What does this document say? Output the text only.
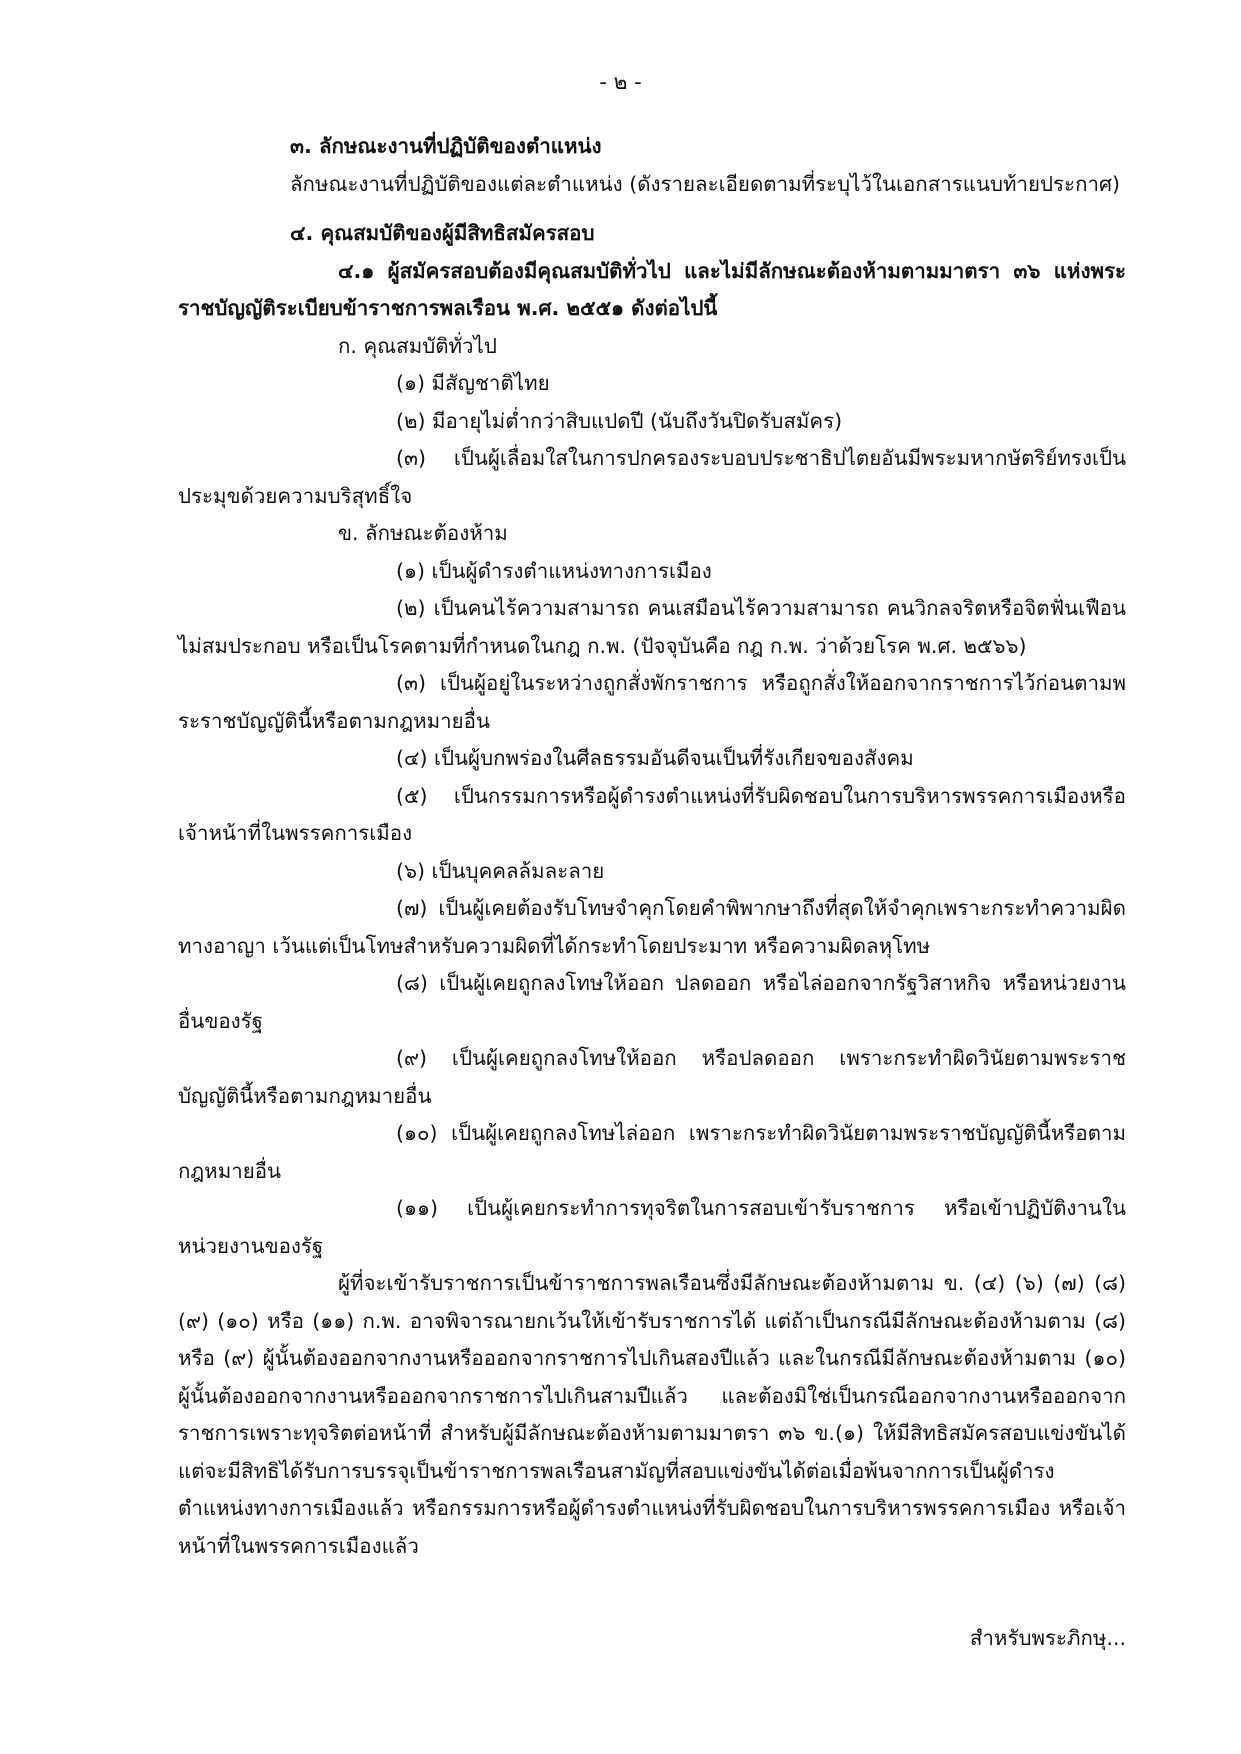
- ๒ -

๓. ลักษณะงานที่ปฏิบัติของตำแหน่ง

ลักษณะงานที่ปฏิบัติของแต่ละตำแหน่ง (ดังรายละเอียดตามที่ระบุไว้ในเอกสารแนบท้ายประกาศ)

๔. คุณสมบัติของผู้มีสิทธิสมัครสอบ

๔.๑ ผู้สมัครสอบต้องมีคุณสมบัติทั่วไป และไม่มีลักษณะต้องห้ามตามมาตรา ๓๖ แห่งพระราชบัญญัติระเบียบข้าราชการพลเรือน พ.ศ. ๒๕๕๑ ดังต่อไปนี้

ก. คุณสมบัติทั่วไป

(๑) มีสัญชาติไทย

(๒) มีอายุไม่ต่ำกว่าสิบแปดปี (นับถึงวันปิดรับสมัคร)

(๓) เป็นผู้เลื่อมใสในการปกครองระบอบประชาธิปไตยอันมีพระมหากษัตริย์ทรงเป็นประมุขด้วยความบริสุทธิ์ใจ

ข. ลักษณะต้องห้าม

(๑) เป็นผู้ดำรงตำแหน่งทางการเมือง

(๒) เป็นคนไร้ความสามารถ คนเสมือนไร้ความสามารถ คนวิกลจริตหรือจิตฟั่นเฟือนไม่สมประกอบ หรือเป็นโรคตามที่กำหนดในกฎ ก.พ. (ปัจจุบันคือ กฎ ก.พ. ว่าด้วยโรค พ.ศ. ๒๕๖๖)

(๓) เป็นผู้อยู่ในระหว่างถูกสั่งพักราชการ หรือถูกสั่งให้ออกจากราชการไว้ก่อนตามพระราชบัญญัตินี้หรือตามกฎหมายอื่น

(๔) เป็นผู้บกพร่องในศีลธรรมอันดีจนเป็นที่รังเกียจของสังคม

(๕) เป็นกรรมการหรือผู้ดำรงตำแหน่งที่รับผิดชอบในการบริหารพรรคการเมืองหรือเจ้าหน้าที่ในพรรคการเมือง

(๖) เป็นบุคคลล้มละลาย

(๗) เป็นผู้เคยต้องรับโทษจำคุกโดยคำพิพากษาถึงที่สุดให้จำคุกเพราะกระทำความผิดทางอาญา เว้นแต่เป็นโทษสำหรับความผิดที่ได้กระทำโดยประมาท หรือความผิดลหุโทษ

(๘) เป็นผู้เคยถูกลงโทษให้ออก ปลดออก หรือไล่ออกจากรัฐวิสาหกิจ หรือหน่วยงานอื่นของรัฐ

(๙) เป็นผู้เคยถูกลงโทษให้ออก หรือปลดออก เพราะกระทำผิดวินัยตามพระราชบัญญัตินี้หรือตามกฎหมายอื่น

(๑๐) เป็นผู้เคยถูกลงโทษไล่ออก เพราะกระทำผิดวินัยตามพระราชบัญญัตินี้หรือตามกฎหมายอื่น

(๑๑) เป็นผู้เคยกระทำการทุจริตในการสอบเข้ารับราชการ หรือเข้าปฏิบัติงานในหน่วยงานของรัฐ

ผู้ที่จะเข้ารับราชการเป็นข้าราชการพลเรือนซึ่งมีลักษณะต้องห้ามตาม ข. (๔) (๖) (๗) (๘) (๙) (๑๐) หรือ (๑๑) ก.พ. อาจพิจารณายกเว้นให้เข้ารับราชการได้ แต่ถ้าเป็นกรณีมีลักษณะต้องห้ามตาม (๘) หรือ (๙) ผู้นั้นต้องออกจากงานหรือออกจากราชการไปเกินสองปีแล้ว และในกรณีมีลักษณะต้องห้ามตาม (๑๐) ผู้นั้นต้องออกจากงานหรือออกจากราชการไปเกินสามปีแล้ว และต้องมิใช่เป็นกรณีออกจากงานหรือออกจากราชการเพราะทุจริตต่อหน้าที่ สำหรับผู้มีลักษณะต้องห้ามตามมาตรา ๓๖ ข.(๑) ให้มีสิทธิสมัครสอบแข่งขันได้ แต่จะมีสิทธิได้รับการบรรจุเป็นข้าราชการพลเรือนสามัญที่สอบแข่งขันได้ต่อเมื่อพ้นจากการเป็นผู้ดำรงตำแหน่งทางการเมืองแล้ว หรือกรรมการหรือผู้ดำรงตำแหน่งที่รับผิดชอบในการบริหารพรรคการเมือง หรือเจ้าหน้าที่ในพรรคการเมืองแล้ว

สำหรับพระภิกษุ...
